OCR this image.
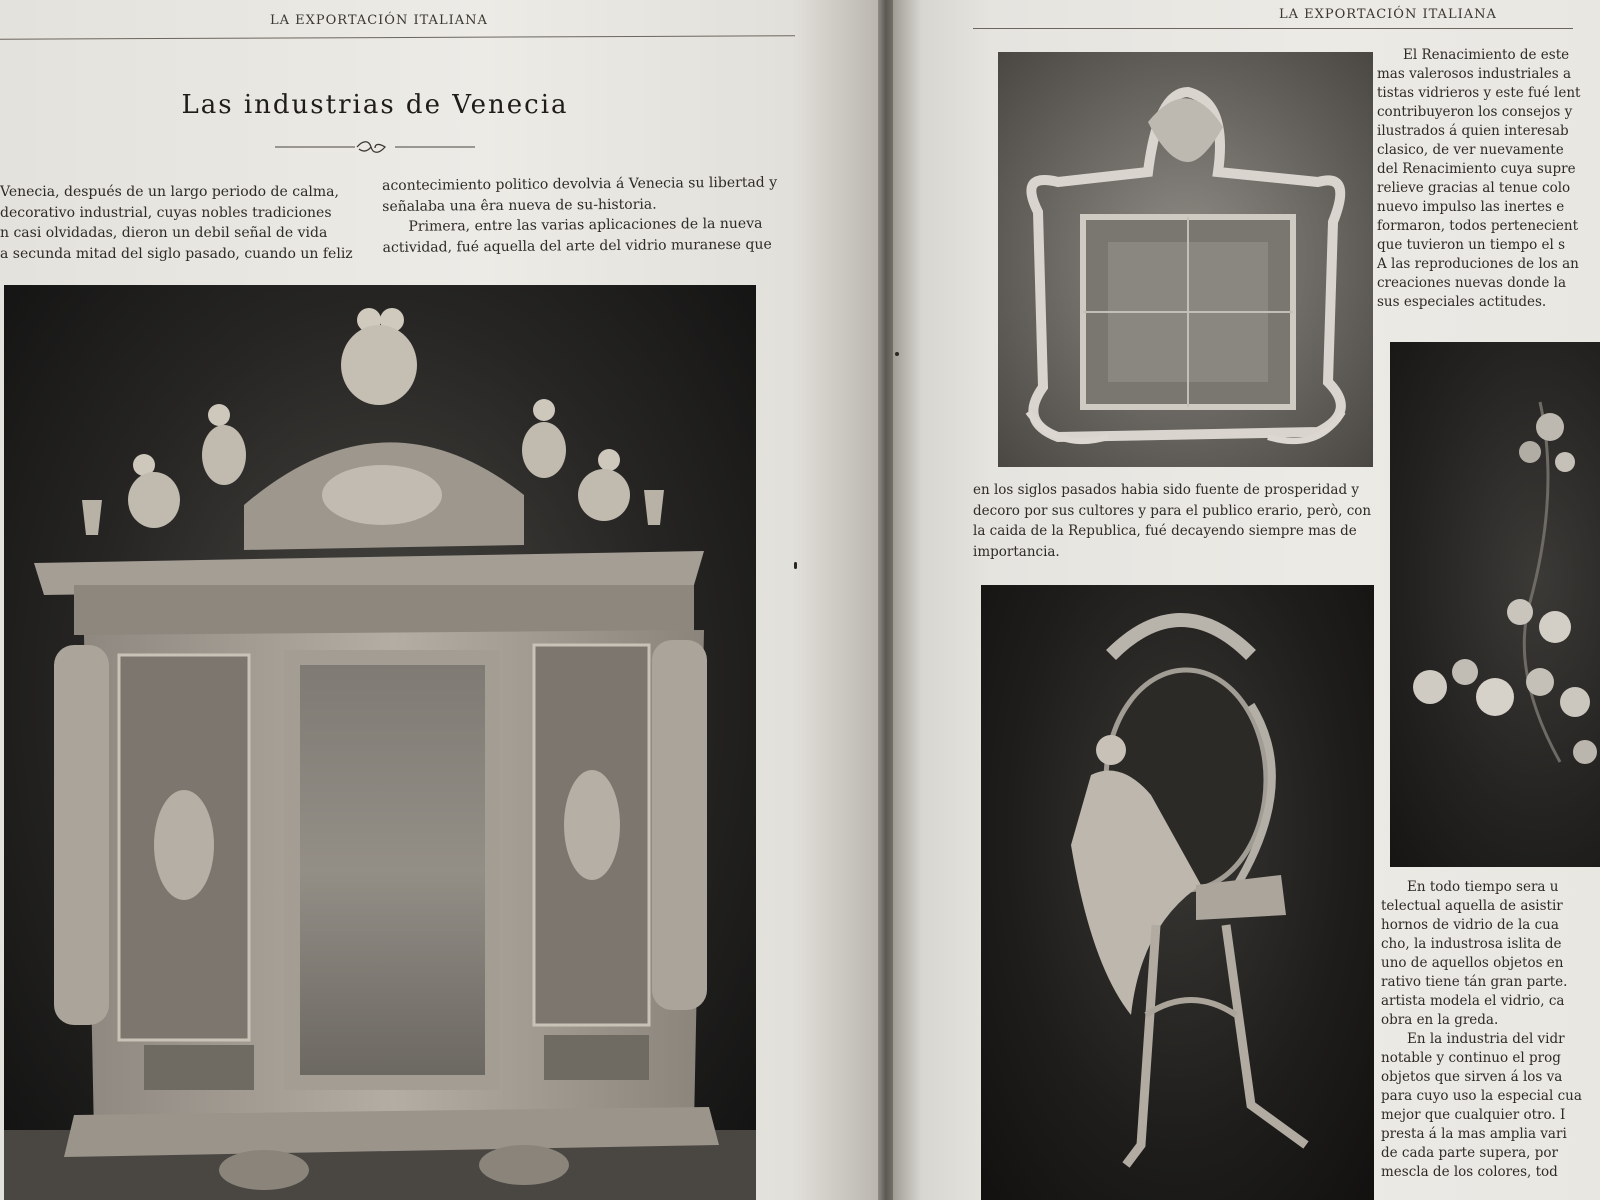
LA EXPORTACIÓN ITALIANA
Las industrias de Venecia
Venecia, después de un largo periodo de calma,
decorativo industrial, cuyas nobles tradiciones
n casi olvidadas, dieron un debil señal de vida
a secunda mitad del siglo pasado, cuando un feliz
acontecimiento politico devolvia á Venecia su libertad y
señalaba una êra nueva de su-historia.
Primera, entre las varias aplicaciones de la nueva
actividad, fué aquella del arte del vidrio muranese que
LA EXPORTACIÓN ITALIANA
en los siglos pasados habia sido fuente de prosperidad y
decoro por sus cultores y para el publico erario, però, con
la caida de la Republica, fué decayendo siempre mas de
importancia.
El Renacimiento de este
mas valerosos industriales a
tistas vidrieros y este fué lent
contribuyeron los consejos y
ilustrados á quien interesab
clasico, de ver nuevamente
del Renacimiento cuya supre
relieve gracias al tenue colo
nuevo impulso las inertes e
formaron, todos pertenecient
que tuvieron un tiempo el s
A las reproduciones de los an
creaciones nuevas donde la
sus especiales actitudes.
En todo tiempo sera u
telectual aquella de asistir
hornos de vidrio de la cua
cho, la industrosa islita de
uno de aquellos objetos en
rativo tiene tán gran parte.
artista modela el vidrio, ca
obra en la greda.
En la industria del vidr
notable y continuo el prog
objetos que sirven á los va
para cuyo uso la especial cua
mejor que cualquier otro. I
presta á la mas amplia vari
de cada parte supera, por
mescla de los colores, tod
